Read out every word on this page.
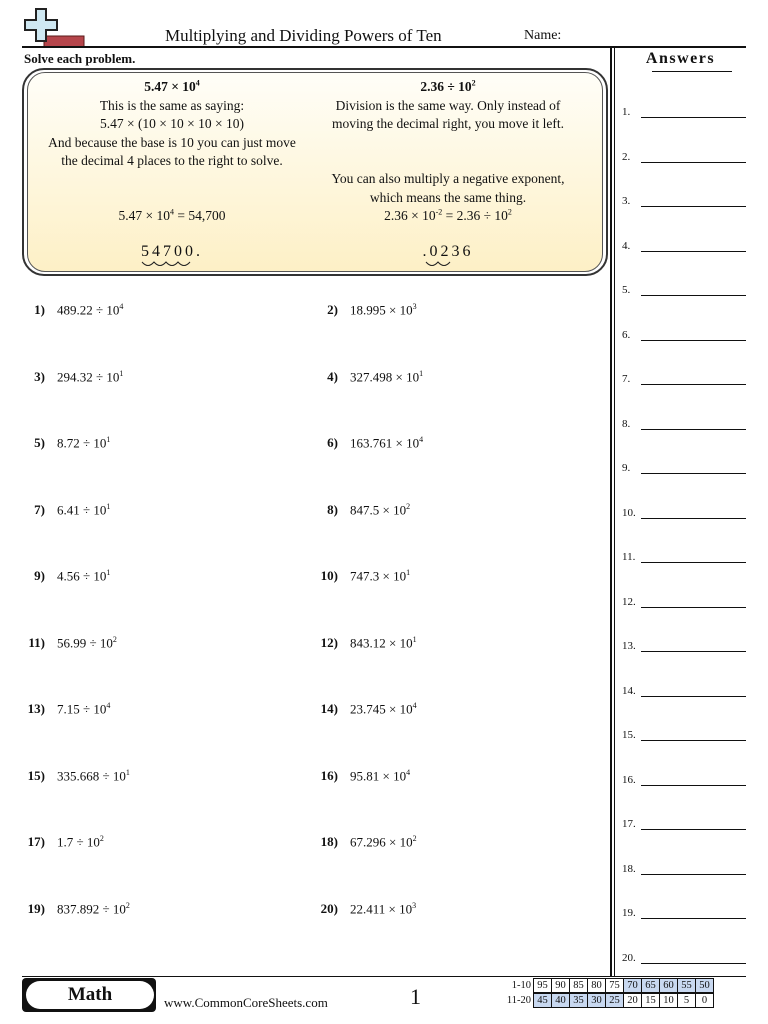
Multiplying and Dividing Powers of Ten	Name:
Solve each problem.	Answers
1.
2.
3.
4.
5.
6.
7.
8.
9.
10.
11.
12.
13.
14.
15.
16.
17.
18.
19.
20.
$5.47 \times 10^4$
This is the same as saying:
5.47 × (10 × 10 × 10 × 10)
And because the base is 10 you can just move
the decimal 4 places to the right to solve.
$5.47 \times 10^4 = 54,700$
54700.
$2.36 \div 10^2$
Division is the same way. Only instead of
moving the decimal right, you move it left.
You can also multiply a negative exponent,
which means the same thing.
$2.36 \times 10^{-2} = 2.36 \div 10^2$
.0236
1) $489.22 \div 10^4$	2) $18.995 \times 10^3$
3) $294.32 \div 10^1$	4) $327.498 \times 10^1$
5) $8.72 \div 10^1$	6) $163.761 \times 10^4$
7) $6.41 \div 10^1$	8) $847.5 \times 10^2$
9) $4.56 \div 10^1$	10) $747.3 \times 10^1$
11) $56.99 \div 10^2$	12) $843.12 \times 10^1$
13) $7.15 \div 10^4$	14) $23.745 \times 10^4$
15) $335.668 \div 10^1$	16) $95.81 \times 10^4$
17) $1.7 \div 10^2$	18) $67.296 \times 10^2$
19) $837.892 \div 10^2$	20) $22.411 \times 10^3$
Math	www.CommonCoreSheets.com	1	1-10 95	90	85	80	75	70	65	60	55	50
11-20 45	40	35	30	25	20	15	10	5	0
